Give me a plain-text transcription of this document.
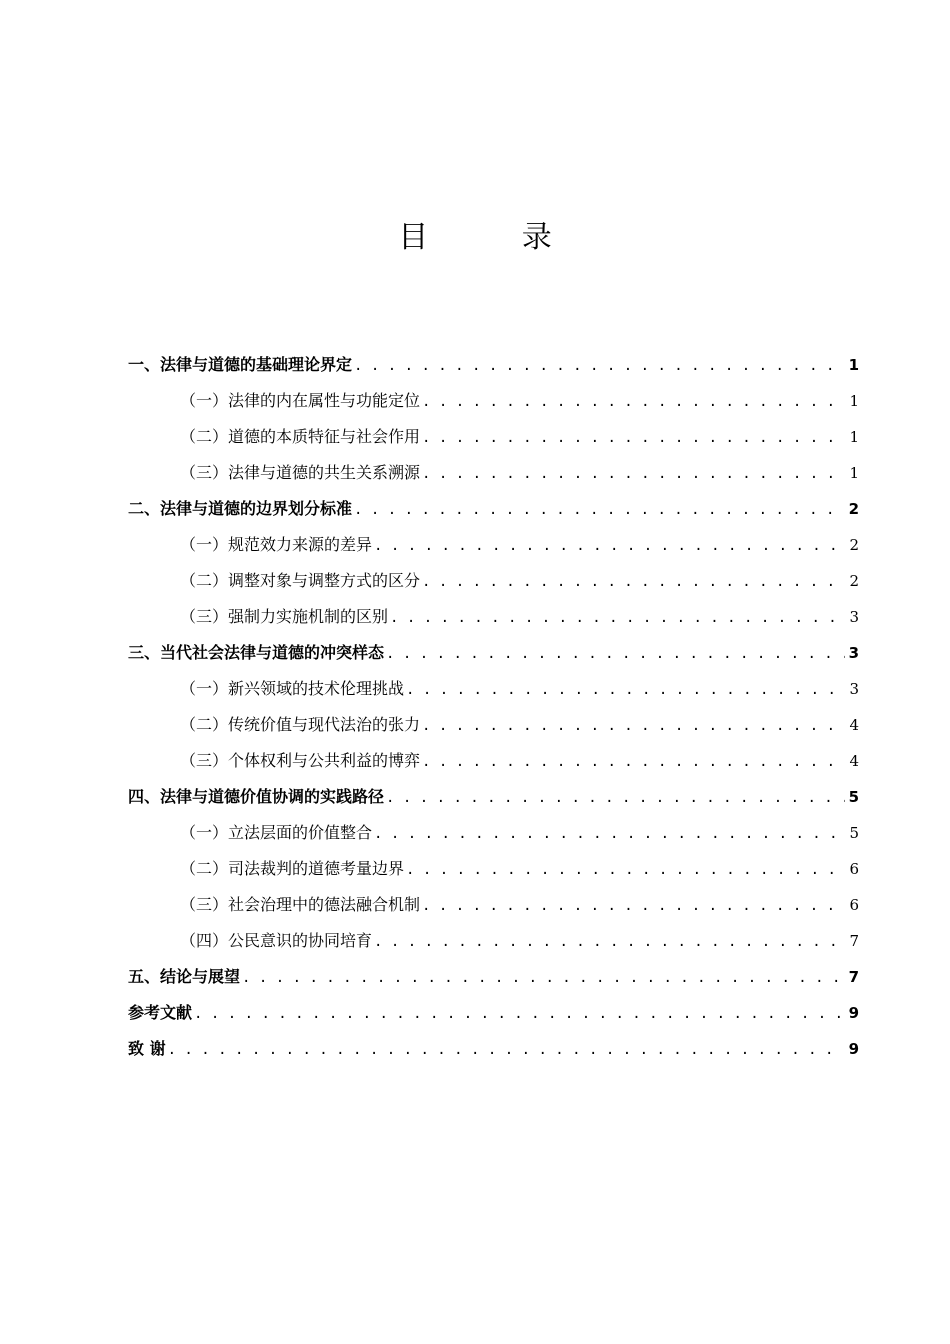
目 录
一、法律与道德的基础理论界定 . . .	1
（一）法律的内在属性与功能定位 . . .	1
（二）道德的本质特征与社会作用 . . .	1
（三）法律与道德的共生关系溯源 . . .	1
二、法律与道德的边界划分标准 . . .	2
（一）规范效力来源的差异 . . .	2
（二）调整对象与调整方式的区分 . . .	2
（三）强制力实施机制的区别 . . .	3
三、当代社会法律与道德的冲突样态 . . .	3
（一）新兴领域的技术伦理挑战 . . .	3
（二）传统价值与现代法治的张力 . . .	4
（三）个体权利与公共利益的博弈 . . .	4
四、法律与道德价值协调的实践路径 . . .	5
（一）立法层面的价值整合 . . .	5
（二）司法裁判的道德考量边界 . . .	6
（三）社会治理中的德法融合机制 . . .	6
（四）公民意识的协同培育 . . .	7
五、结论与展望 . . .	7
参考文献 . . .	9
致 谢 . . .	9
